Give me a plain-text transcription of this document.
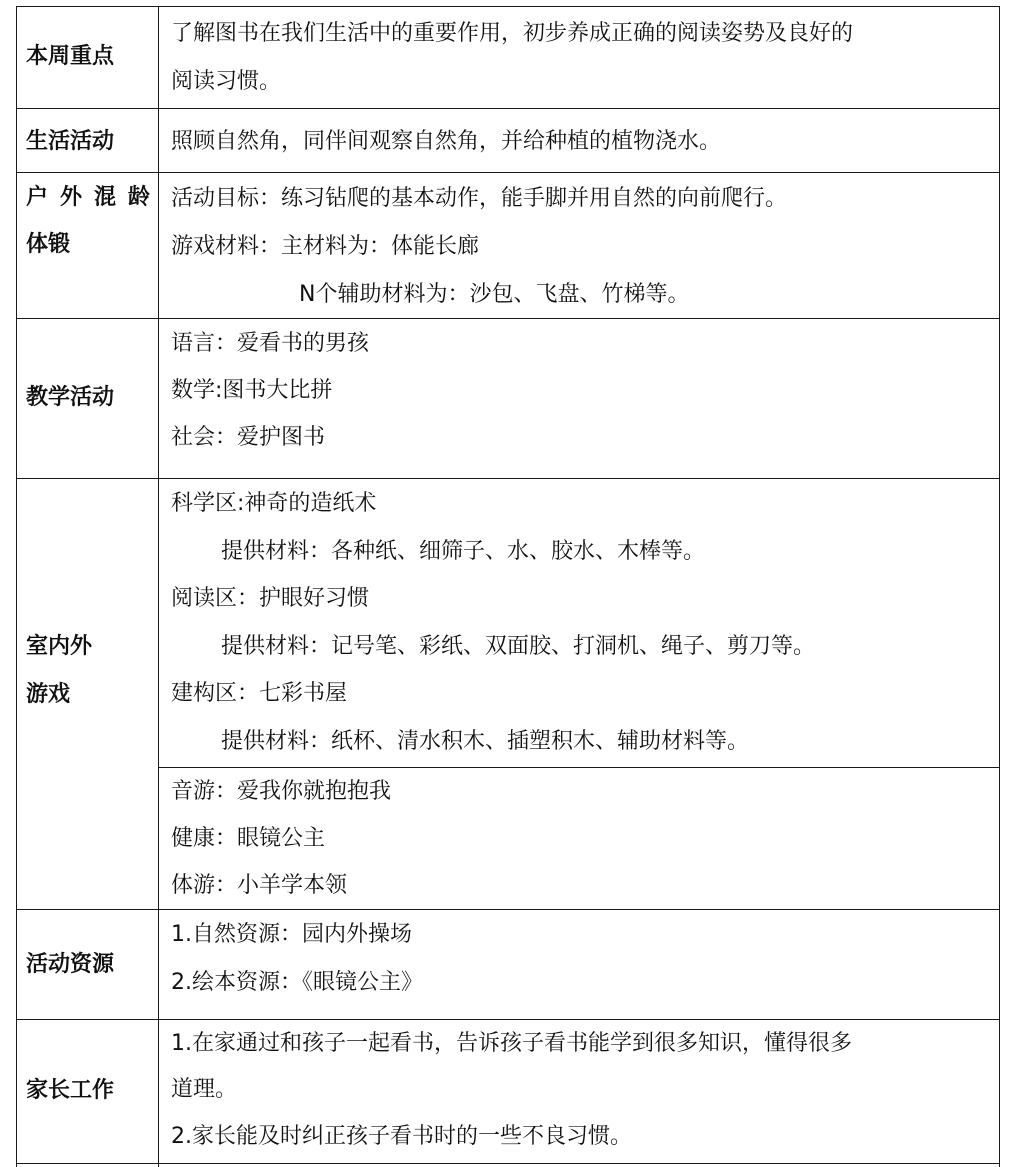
本周重点
了解图书在我们生活中的重要作用，初步养成正确的阅读姿势及良好的
阅读习惯。
生活活动	照顾自然角，同伴间观察自然角，并给种植的植物浇水。
户外混龄
体锻
活动目标：练习钻爬的基本动作，能手脚并用自然的向前爬行。
游戏材料：主材料为：体能长廊
N个辅助材料为：沙包、飞盘、竹梯等。
教学活动
语言：爱看书的男孩
数学:图书大比拼
社会：爱护图书
室内外
游戏
科学区:神奇的造纸术
提供材料：各种纸、细筛子、水、胶水、木棒等。
阅读区：护眼好习惯
提供材料：记号笔、彩纸、双面胶、打洞机、绳子、剪刀等。
建构区：七彩书屋
提供材料：纸杯、清水积木、插塑积木、辅助材料等。
音游：爱我你就抱抱我
健康：眼镜公主
体游：小羊学本领
活动资源
1.自然资源：园内外操场
2.绘本资源：《眼镜公主》
家长工作
1.在家通过和孩子一起看书，告诉孩子看书能学到很多知识，懂得很多
道理。
2.家长能及时纠正孩子看书时的一些不良习惯。
